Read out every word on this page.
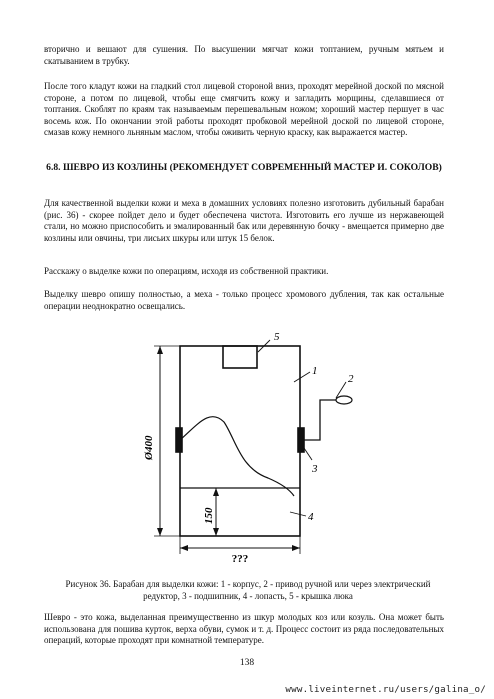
вторично и вешают для сушения. По высушении мягчат кожи топтанием, ручным мятьем и скатыванием в трубку.

После того кладут кожи на гладкий стол лицевой стороной вниз, проходят мерейной доской по мясной стороне, а потом по лицевой, чтобы еще смягчить кожу и загладить морщины, сделавшиеся от топтания. Скоблят по краям так называемым перешевальным ножом; хороший мастер першует в час восемь кож. По окончании этой работы проходят пробковой мерейной доской по лицевой стороне, смазав кожу немного льняным маслом, чтобы оживить черную краску, как выражается мастер.

6.8. ШЕВРО ИЗ КОЗЛИНЫ (РЕКОМЕНДУЕТ СОВРЕМЕННЫЙ МАСТЕР И. СОКОЛОВ)

Для качественной выделки кожи и меха в домашних условиях полезно изготовить дубильный барабан (рис. 36) - скорее пойдет дело и будет обеспечена чистота. Изготовить его лучше из нержавеющей стали, но можно приспособить и эмалированный бак или деревянную бочку - вмещается примерно две козлины или овчины, три лисьих шкуры или штук 15 белок.

Расскажу о выделке кожи по операциям, исходя из собственной практики.

Выделку шевро опишу полностью, а меха - только процесс хромового дубления, так как остальные операции неоднократно освещались.

5
1
2
3
4
Ø400
150
???

Рисунок 36. Барабан для выделки кожи: 1 - корпус, 2 - привод ручной или через электрический редуктор, 3 - подшипник, 4 - лопасть, 5 - крышка люка

Шевро - это кожа, выделанная преимущественно из шкур молодых коз или козуль. Она может быть использована для пошива курток, верха обуви, сумок и т. д. Процесс состоит из ряда последовательных операций, которые проходят при комнатной температуре.

138
www.liveinternet.ru/users/galina_o/
